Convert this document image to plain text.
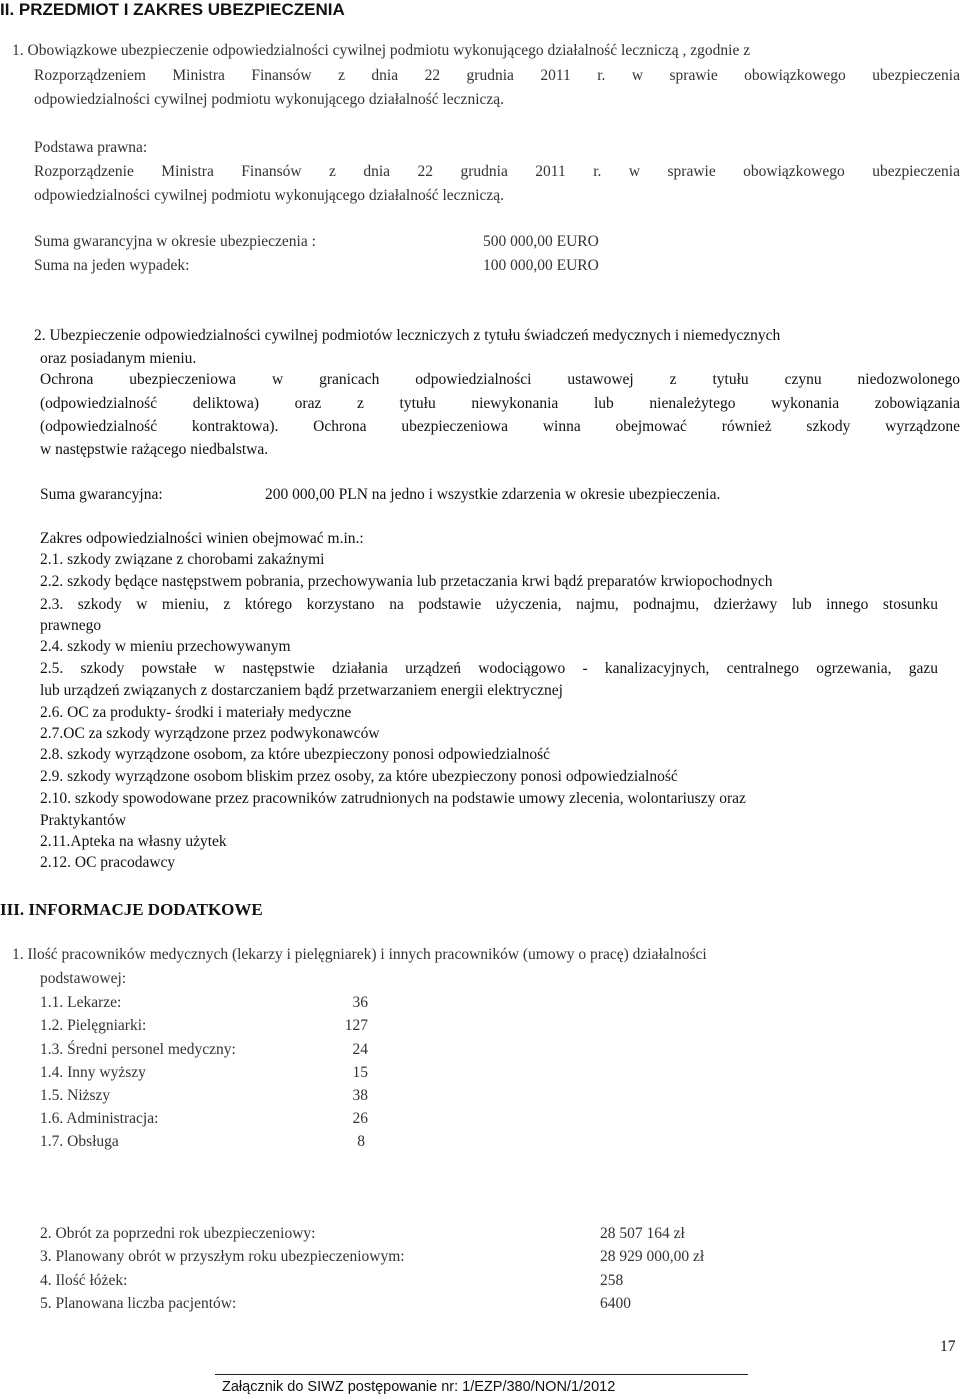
II. PRZEDMIOT I ZAKRES UBEZPIECZENIA
1. Obowiązkowe ubezpieczenie odpowiedzialności cywilnej podmiotu wykonującego działalność leczniczą , zgodnie z
Rozporządzeniem Ministra Finansów z dnia 22 grudnia 2011 r. w sprawie obowiązkowego ubezpieczenia
odpowiedzialności cywilnej podmiotu wykonującego działalność leczniczą.
Podstawa prawna:
Rozporządzenie Ministra Finansów z dnia 22 grudnia 2011 r. w sprawie obowiązkowego ubezpieczenia
odpowiedzialności cywilnej podmiotu wykonującego działalność leczniczą.
Suma gwarancyjna w okresie ubezpieczenia :	500 000,00 EURO
Suma na jeden wypadek:	100 000,00 EURO
2. Ubezpieczenie odpowiedzialności cywilnej podmiotów leczniczych z tytułu świadczeń medycznych i niemedycznych
oraz posiadanym mieniu.
Ochrona ubezpieczeniowa w granicach odpowiedzialności ustawowej z tytułu czynu niedozwolonego
(odpowiedzialność deliktowa) oraz z tytułu niewykonania lub nienależytego wykonania zobowiązania
(odpowiedzialność kontraktowa). Ochrona ubezpieczeniowa winna obejmować również szkody wyrządzone
w następstwie rażącego niedbalstwa.
Suma gwarancyjna:	200 000,00 PLN na jedno i wszystkie zdarzenia w okresie ubezpieczenia.
Zakres odpowiedzialności winien obejmować m.in.:
2.1. szkody związane z chorobami zakaźnymi
2.2. szkody będące następstwem pobrania, przechowywania lub przetaczania krwi bądź preparatów krwiopochodnych
2.3. szkody w mieniu, z którego korzystano na podstawie użyczenia, najmu, podnajmu, dzierżawy lub innego stosunku
prawnego
2.4. szkody w mieniu przechowywanym
2.5. szkody powstałe w następstwie działania urządzeń wodociągowo - kanalizacyjnych, centralnego ogrzewania, gazu
lub urządzeń związanych z dostarczaniem bądź przetwarzaniem energii elektrycznej
2.6. OC za produkty- środki i materiały medyczne
2.7.OC za szkody wyrządzone przez podwykonawców
2.8. szkody wyrządzone osobom, za które ubezpieczony ponosi odpowiedzialność
2.9. szkody wyrządzone osobom bliskim przez osoby, za które ubezpieczony ponosi odpowiedzialność
2.10. szkody spowodowane przez pracowników zatrudnionych na podstawie umowy zlecenia, wolontariuszy oraz
Praktykantów
2.11.Apteka na własny użytek
2.12. OC pracodawcy
III. INFORMACJE DODATKOWE
1. Ilość pracowników medycznych (lekarzy i pielęgniarek) i innych pracowników (umowy o pracę) działalności
podstawowej:
1.1. Lekarze:	36
1.2. Pielęgniarki:	127
1.3. Średni personel medyczny:	24
1.4. Inny wyższy	15
1.5. Niższy	38
1.6. Administracja:	26
1.7. Obsługa	8
2. Obrót za poprzedni rok ubezpieczeniowy:	28 507 164 zł
3. Planowany obrót w przyszłym roku ubezpieczeniowym:	28 929 000,00 zł
4. Ilość łóżek:	258
5. Planowana liczba pacjentów:	6400
17
Załącznik do SIWZ postępowanie nr: 1/EZP/380/NON/1/2012
